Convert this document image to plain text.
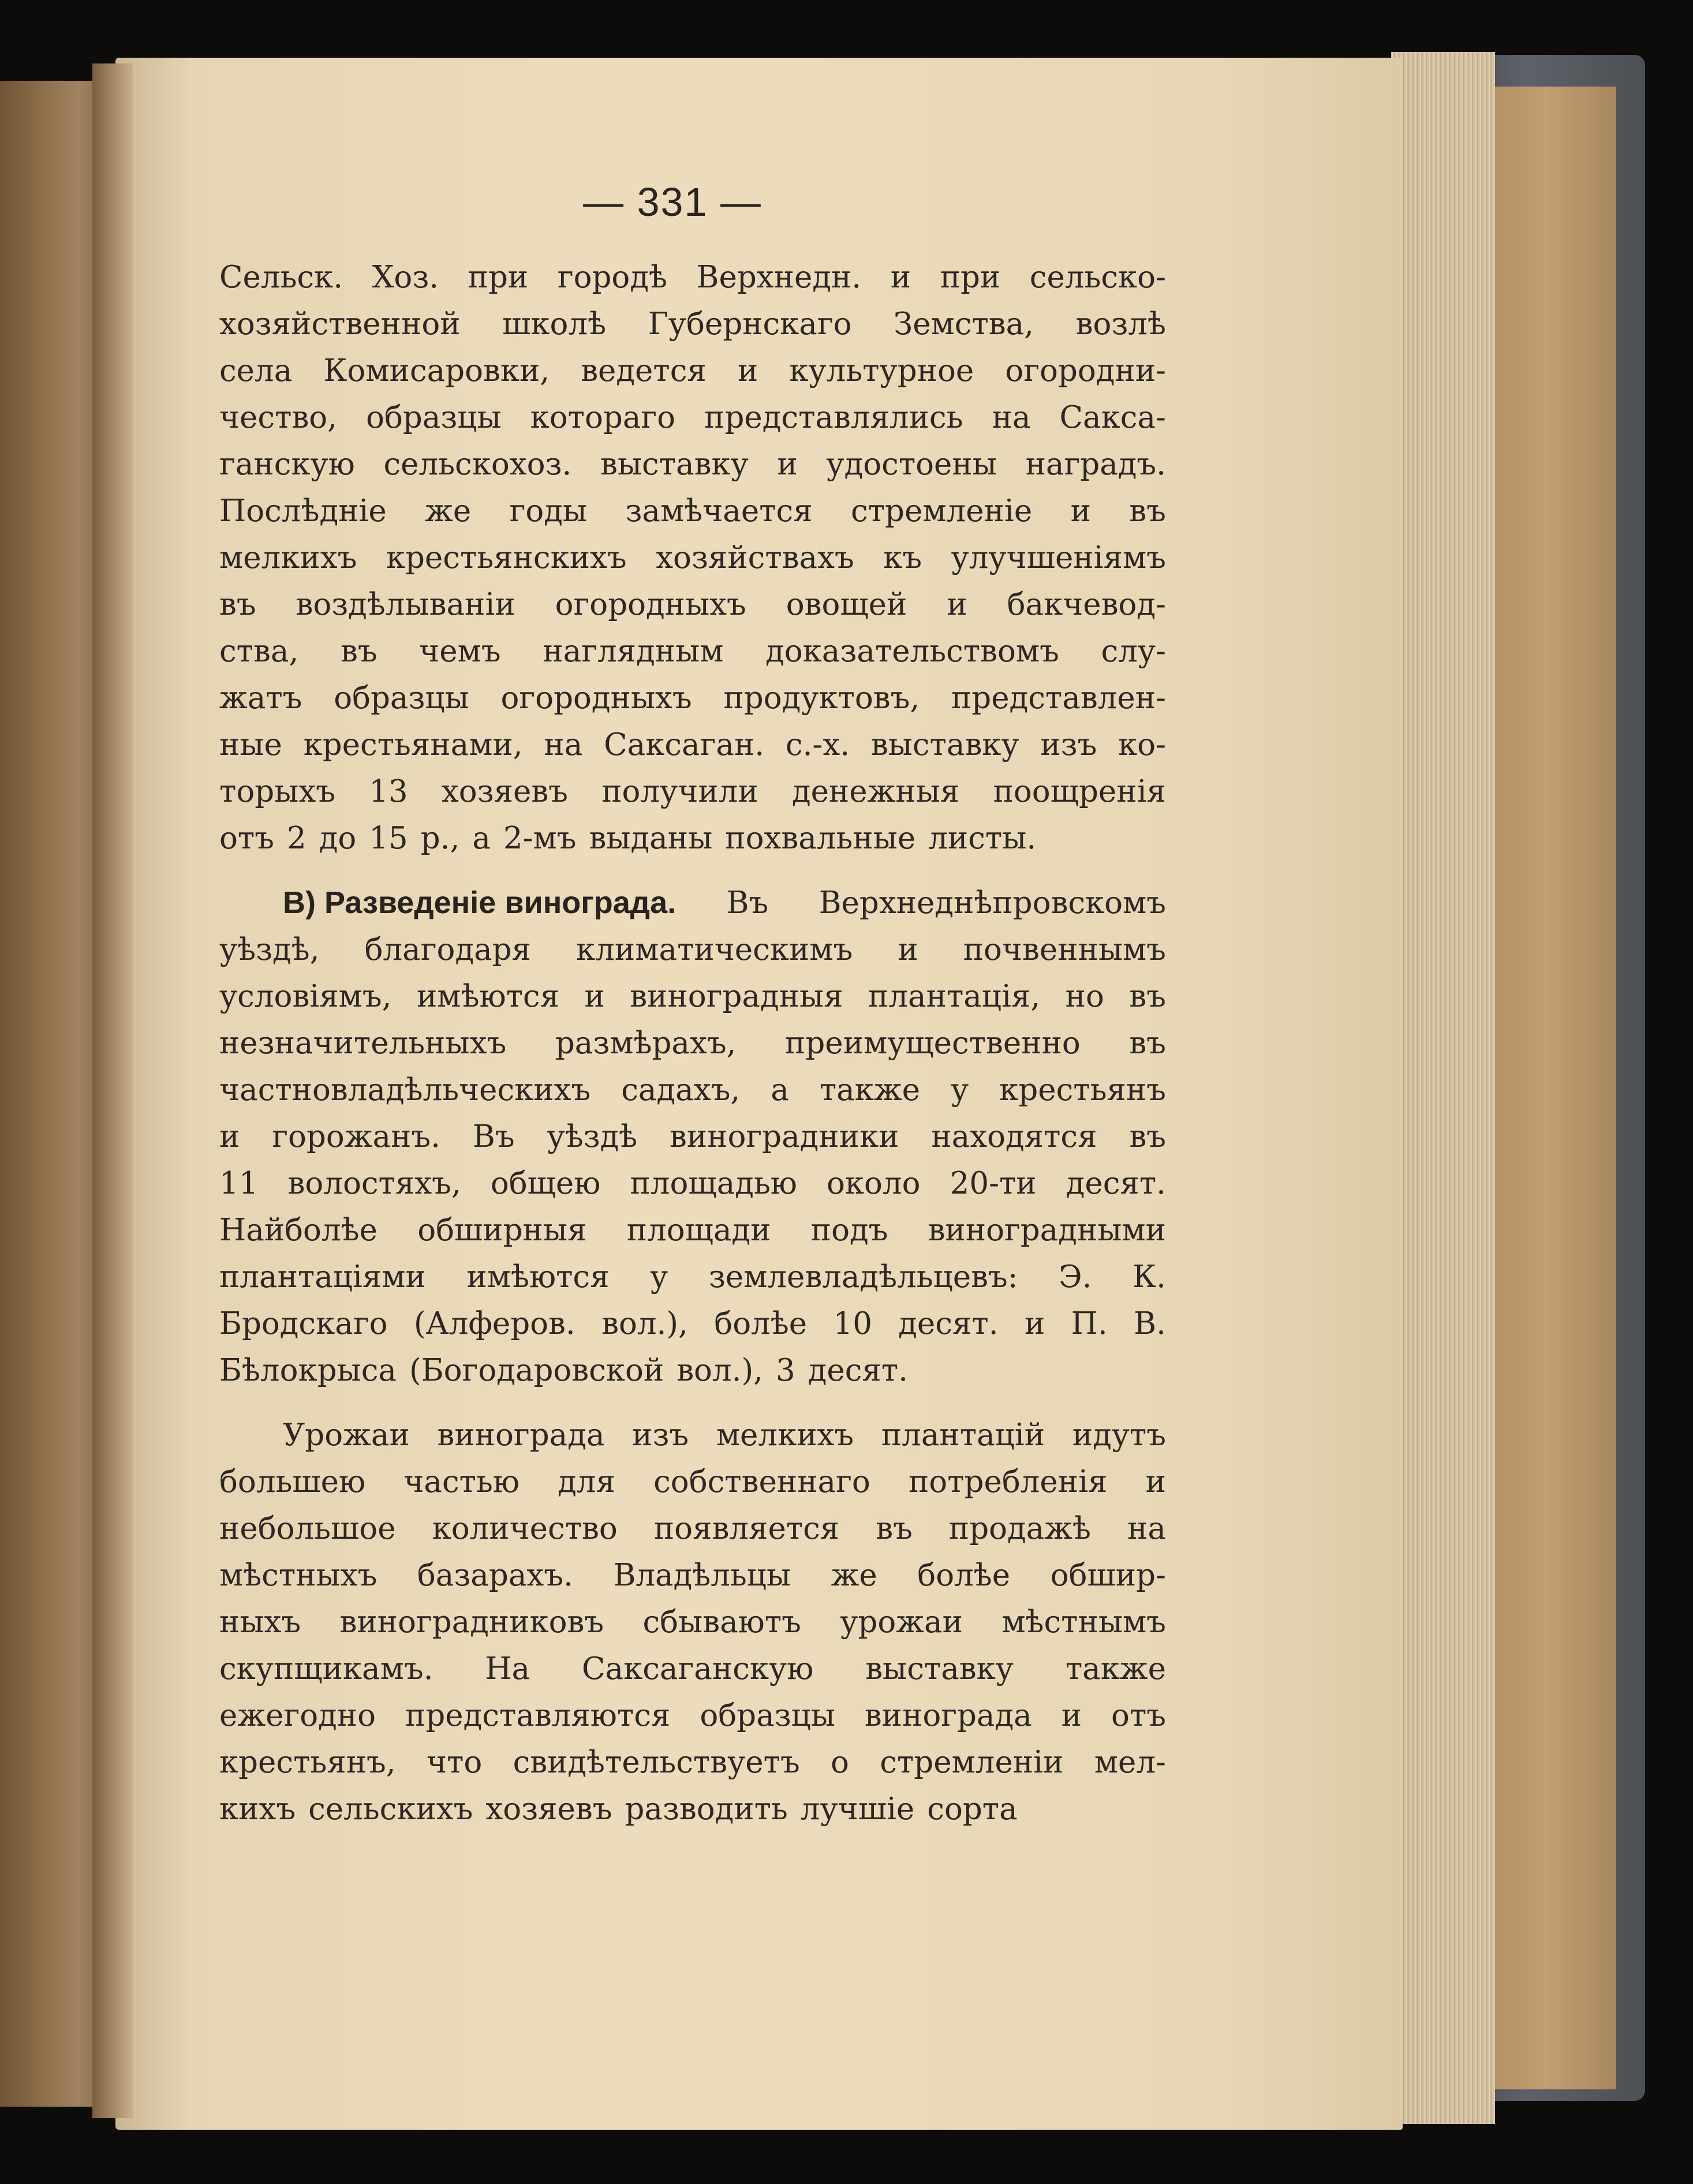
— 331 —
Сельск. Хоз. при городѣ Верхнедн. и при сельско-
хозяйственной школѣ Губернскаго Земства, возлѣ
села Комисаровки, ведется и культурное огородни-
чество, образцы котораго представлялись на Сакса-
ганскую сельскохоз. выставку и удостоены наградъ.
Послѣдніе же годы замѣчается стремленіе и въ
мелкихъ крестьянскихъ хозяйствахъ къ улучшеніямъ
въ воздѣлываніи огородныхъ овощей и бакчевод-
ства, въ чемъ наглядным доказательствомъ слу-
жатъ образцы огородныхъ продуктовъ, представлен-
ные крестьянами, на Саксаган. с.-х. выставку изъ ко-
торыхъ 13 хозяевъ получили денежныя поощренія
отъ 2 до 15 р., а 2-мъ выданы похвальные листы.
В) Разведеніе винограда. Въ Верхнеднѣпровскомъ
уѣздѣ, благодаря климатическимъ и почвеннымъ
условіямъ, имѣются и виноградныя плантація, но въ
незначительныхъ размѣрахъ, преимущественно въ
частновладѣльческихъ садахъ, а также у крестьянъ
и горожанъ. Въ уѣздѣ виноградники находятся въ
11 волостяхъ, общею площадью около 20-ти десят.
Найболѣе обширныя площади подъ виноградными
плантаціями имѣются у землевладѣльцевъ: Э. К.
Бродскаго (Алферов. вол.), болѣе 10 десят. и П. В.
Бѣлокрыса (Богодаровской вол.), 3 десят.
Урожаи винограда изъ мелкихъ плантацій идутъ
большею частью для собственнаго потребленія и
небольшое количество появляется въ продажѣ на
мѣстныхъ базарахъ. Владѣльцы же болѣе обшир-
ныхъ виноградниковъ сбываютъ урожаи мѣстнымъ
скупщикамъ. На Саксаганскую выставку также
ежегодно представляются образцы винограда и отъ
крестьянъ, что свидѣтельствуетъ о стремленіи мел-
кихъ сельскихъ хозяевъ разводить лучшіе сорта
